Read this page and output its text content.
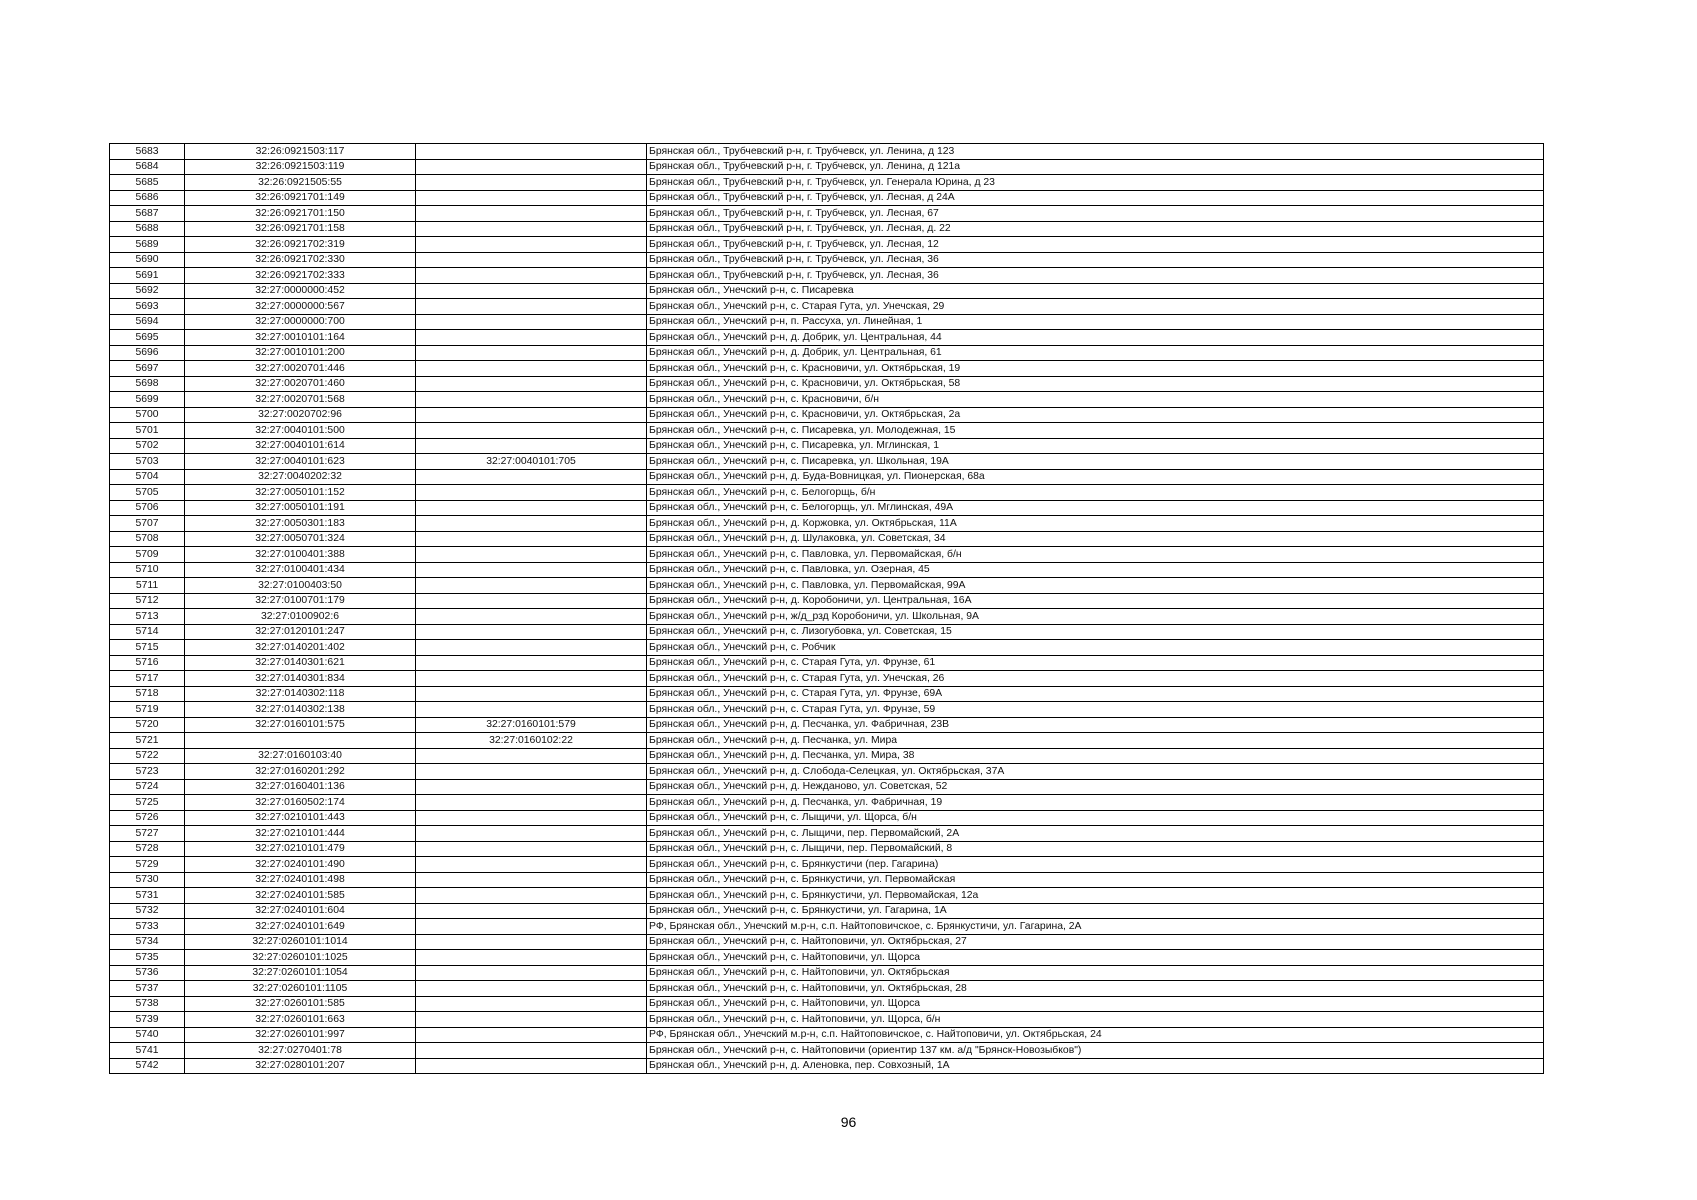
5683	32:26:0921503:117		Брянская обл., Трубчевский р-н, г. Трубчевск, ул. Ленина, д 123
5684	32:26:0921503:119		Брянская обл., Трубчевский р-н, г. Трубчевск, ул. Ленина, д 121а
5685	32:26:0921505:55		Брянская обл., Трубчевский р-н, г. Трубчевск, ул. Генерала Юрина, д 23
5686	32:26:0921701:149		Брянская обл., Трубчевский р-н, г. Трубчевск, ул. Лесная, д 24А
5687	32:26:0921701:150		Брянская обл., Трубчевский р-н, г. Трубчевск, ул. Лесная, 67
5688	32:26:0921701:158		Брянская обл., Трубчевский р-н, г. Трубчевск, ул. Лесная, д. 22
5689	32:26:0921702:319		Брянская обл., Трубчевский р-н, г. Трубчевск, ул. Лесная, 12
5690	32:26:0921702:330		Брянская обл., Трубчевский р-н, г. Трубчевск, ул. Лесная, 36
5691	32:26:0921702:333		Брянская обл., Трубчевский р-н, г. Трубчевск, ул. Лесная, 36
5692	32:27:0000000:452		Брянская обл., Унечский р-н, с. Писаревка
5693	32:27:0000000:567		Брянская обл., Унечский р-н, с. Старая Гута, ул. Унечская, 29
5694	32:27:0000000:700		Брянская обл., Унечский р-н, п. Рассуха, ул. Линейная, 1
5695	32:27:0010101:164		Брянская обл., Унечский р-н, д. Добрик, ул. Центральная, 44
5696	32:27:0010101:200		Брянская обл., Унечский р-н, д. Добрик, ул. Центральная, 61
5697	32:27:0020701:446		Брянская обл., Унечский р-н, с. Красновичи, ул. Октябрьская, 19
5698	32:27:0020701:460		Брянская обл., Унечский р-н, с. Красновичи, ул. Октябрьская, 58
5699	32:27:0020701:568		Брянская обл., Унечский р-н, с. Красновичи, б/н
5700	32:27:0020702:96		Брянская обл., Унечский р-н, с. Красновичи, ул. Октябрьская, 2а
5701	32:27:0040101:500		Брянская обл., Унечский р-н, с. Писаревка, ул. Молодежная, 15
5702	32:27:0040101:614		Брянская обл., Унечский р-н, с. Писаревка, ул. Мглинская, 1
5703	32:27:0040101:623	32:27:0040101:705	Брянская обл., Унечский р-н, с. Писаревка, ул. Школьная, 19А
5704	32:27:0040202:32		Брянская обл., Унечский р-н, д. Буда-Вовницкая, ул. Пионерская, 68а
5705	32:27:0050101:152		Брянская обл., Унечский р-н, с. Белогорщь, б/н
5706	32:27:0050101:191		Брянская обл., Унечский р-н, с. Белогорщь, ул. Мглинская, 49А
5707	32:27:0050301:183		Брянская обл., Унечский р-н, д. Коржовка, ул. Октябрьская, 11А
5708	32:27:0050701:324		Брянская обл., Унечский р-н, д. Шулаковка, ул. Советская, 34
5709	32:27:0100401:388		Брянская обл., Унечский р-н, с. Павловка, ул. Первомайская, б/н
5710	32:27:0100401:434		Брянская обл., Унечский р-н, с. Павловка, ул. Озерная, 45
5711	32:27:0100403:50		Брянская обл., Унечский р-н, с. Павловка, ул. Первомайская, 99А
5712	32:27:0100701:179		Брянская обл., Унечский р-н, д. Коробоничи, ул. Центральная, 16А
5713	32:27:0100902:6		Брянская обл., Унечский р-н, ж/д_рзд Коробоничи, ул. Школьная, 9А
5714	32:27:0120101:247		Брянская обл., Унечский р-н, с. Лизогубовка, ул. Советская, 15
5715	32:27:0140201:402		Брянская обл., Унечский р-н, с. Робчик
5716	32:27:0140301:621		Брянская обл., Унечский р-н, с. Старая Гута, ул. Фрунзе, 61
5717	32:27:0140301:834		Брянская обл., Унечский р-н, с. Старая Гута, ул. Унечская, 26
5718	32:27:0140302:118		Брянская обл., Унечский р-н, с. Старая Гута, ул. Фрунзе, 69А
5719	32:27:0140302:138		Брянская обл., Унечский р-н, с. Старая Гута, ул. Фрунзе, 59
5720	32:27:0160101:575	32:27:0160101:579	Брянская обл., Унечский р-н, д. Песчанка, ул. Фабричная, 23В
5721		32:27:0160102:22	Брянская обл., Унечский р-н, д. Песчанка, ул. Мира
5722	32:27:0160103:40		Брянская обл., Унечский р-н, д. Песчанка, ул. Мира, 38
5723	32:27:0160201:292		Брянская обл., Унечский р-н, д. Слобода-Селецкая, ул. Октябрьская, 37А
5724	32:27:0160401:136		Брянская обл., Унечский р-н, д. Нежданово, ул. Советская, 52
5725	32:27:0160502:174		Брянская обл., Унечский р-н, д. Песчанка, ул. Фабричная, 19
5726	32:27:0210101:443		Брянская обл., Унечский р-н, с. Лыщичи, ул. Щорса, б/н
5727	32:27:0210101:444		Брянская обл., Унечский р-н, с. Лыщичи, пер. Первомайский, 2А
5728	32:27:0210101:479		Брянская обл., Унечский р-н, с. Лыщичи, пер. Первомайский, 8
5729	32:27:0240101:490		Брянская обл., Унечский р-н, с. Брянкустичи (пер. Гагарина)
5730	32:27:0240101:498		Брянская обл., Унечский р-н, с. Брянкустичи, ул. Первомайская
5731	32:27:0240101:585		Брянская обл., Унечский р-н, с. Брянкустичи, ул. Первомайская, 12а
5732	32:27:0240101:604		Брянская обл., Унечский р-н, с. Брянкустичи, ул. Гагарина, 1А
5733	32:27:0240101:649		РФ, Брянская обл., Унечский м.р-н, с.п. Найтоповичское, с. Брянкустичи, ул. Гагарина, 2А
5734	32:27:0260101:1014		Брянская обл., Унечский р-н, с. Найтоповичи, ул. Октябрьская, 27
5735	32:27:0260101:1025		Брянская обл., Унечский р-н, с. Найтоповичи, ул. Щорса
5736	32:27:0260101:1054		Брянская обл., Унечский р-н, с. Найтоповичи, ул. Октябрьская
5737	32:27:0260101:1105		Брянская обл., Унечский р-н, с. Найтоповичи, ул. Октябрьская, 28
5738	32:27:0260101:585		Брянская обл., Унечский р-н, с. Найтоповичи, ул. Щорса
5739	32:27:0260101:663		Брянская обл., Унечский р-н, с. Найтоповичи, ул. Щорса, б/н
5740	32:27:0260101:997		РФ, Брянская обл., Унечский м.р-н, с.п. Найтоповичское, с. Найтоповичи, ул. Октябрьская, 24
5741	32:27:0270401:78		Брянская обл., Унечский р-н, с. Найтоповичи (ориентир 137 км. а/д "Брянск-Новозыбков")
5742	32:27:0280101:207		Брянская обл., Унечский р-н, д. Аленовка, пер. Совхозный, 1А
96
